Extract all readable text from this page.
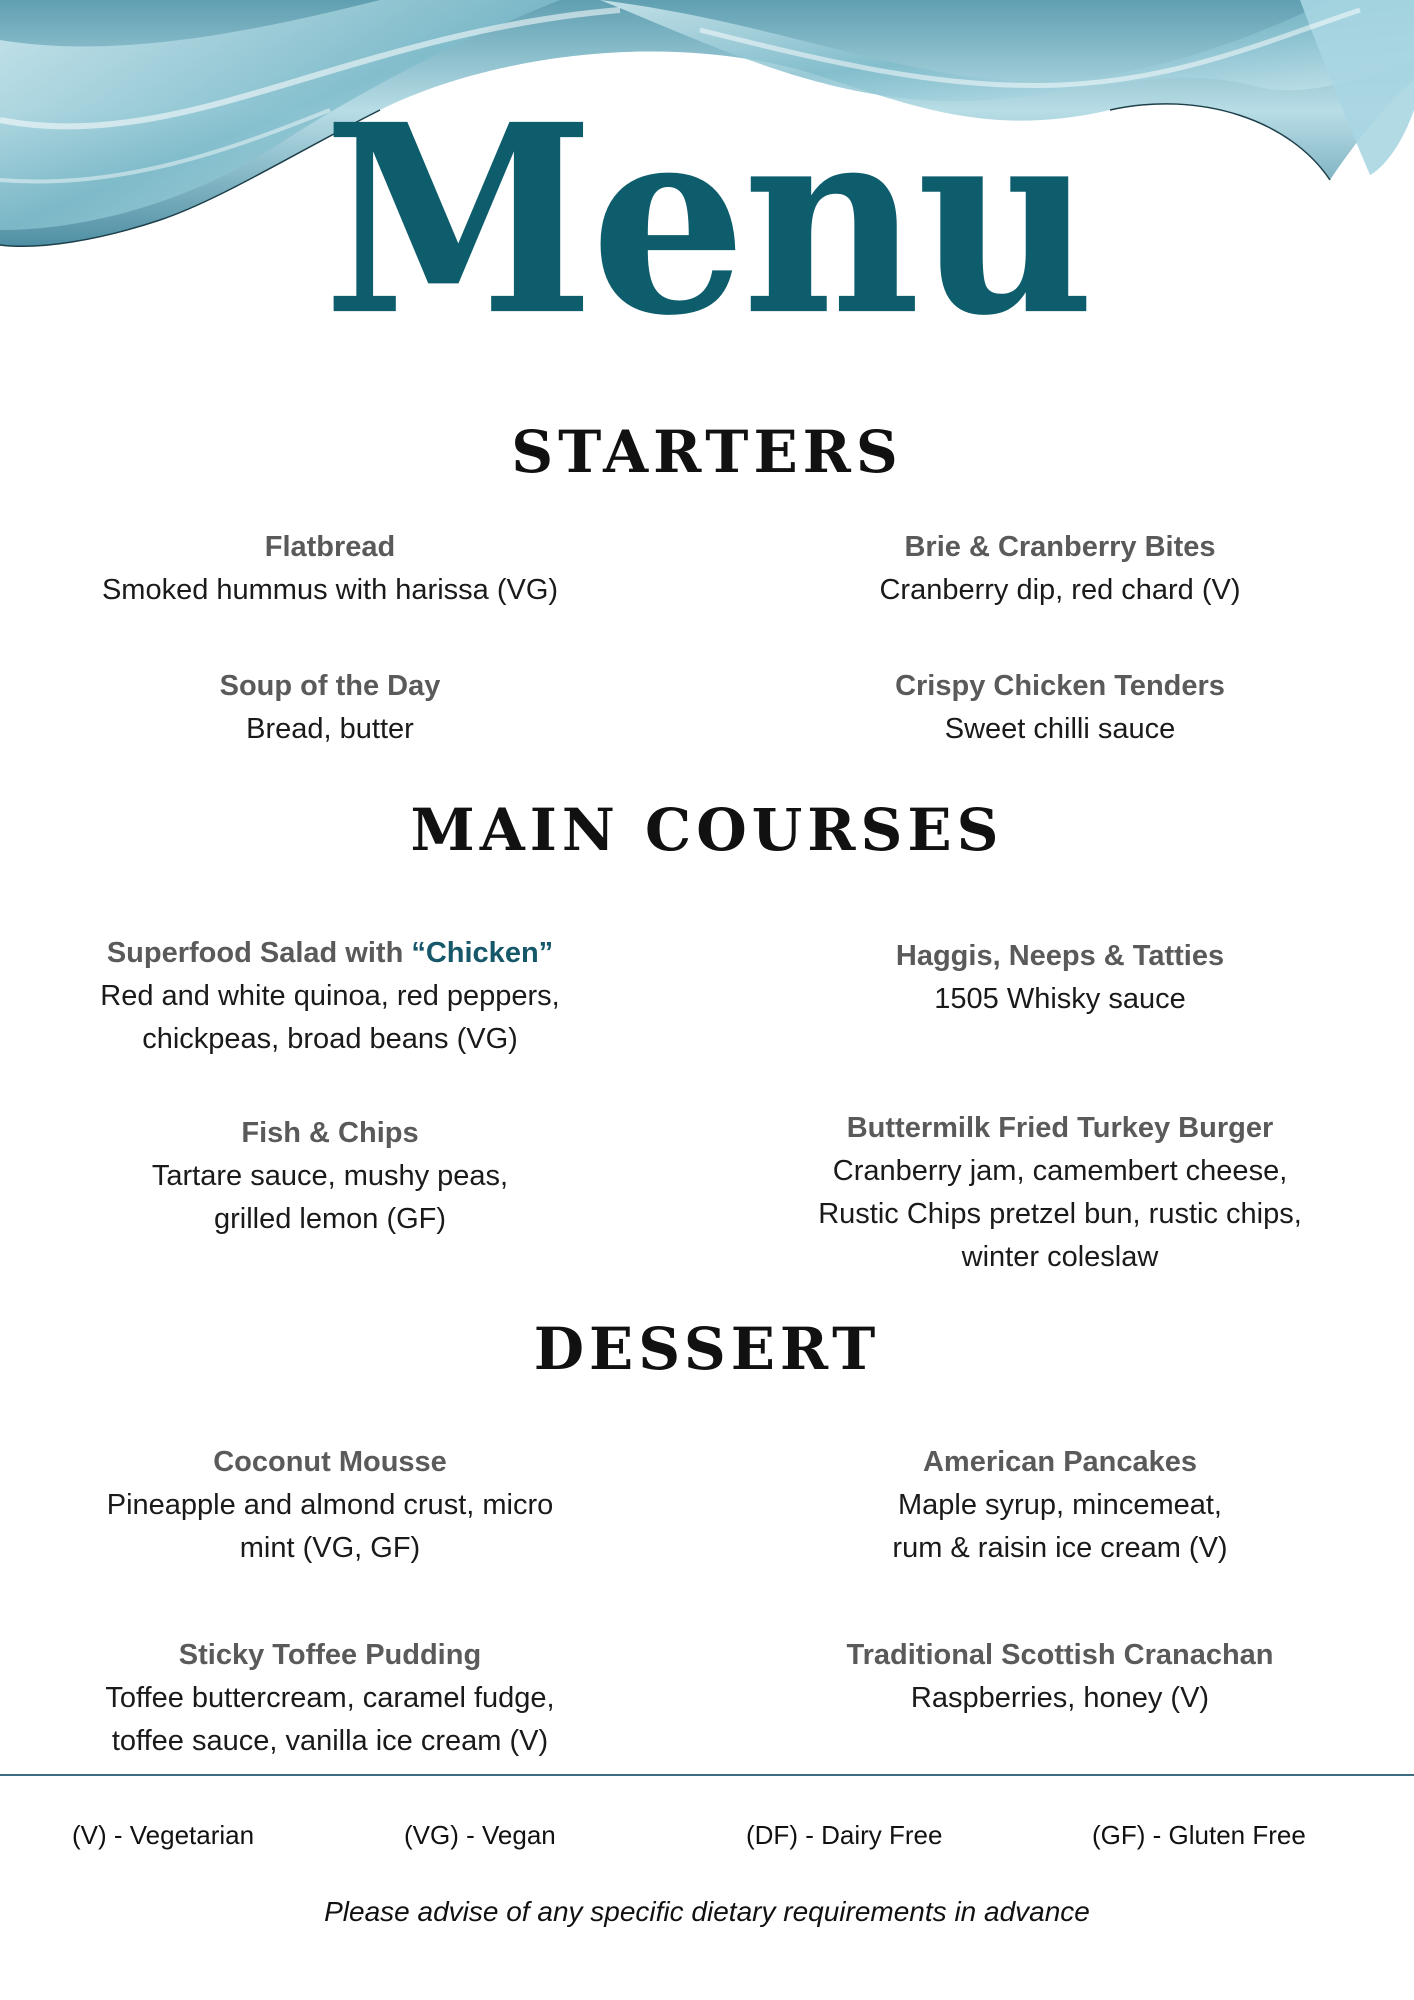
Menu
STARTERS
Flatbread
Smoked hummus with harissa (VG)
Brie & Cranberry Bites
Cranberry dip, red chard (V)
Soup of the Day
Bread, butter
Crispy Chicken Tenders
Sweet chilli sauce
MAIN COURSES
Superfood Salad with “Chicken”
Red and white quinoa, red peppers,
chickpeas, broad beans (VG)
Haggis, Neeps & Tatties
1505 Whisky sauce
Fish & Chips
Tartare sauce, mushy peas,
grilled lemon (GF)
Buttermilk Fried Turkey Burger
Cranberry jam, camembert cheese,
Rustic Chips pretzel bun, rustic chips,
winter coleslaw
DESSERT
Coconut Mousse
Pineapple and almond crust, micro
mint (VG, GF)
American Pancakes
Maple syrup, mincemeat,
rum & raisin ice cream (V)
Sticky Toffee Pudding
Toffee buttercream, caramel fudge,
toffee sauce, vanilla ice cream (V)
Traditional Scottish Cranachan
Raspberries, honey (V)

(V) - Vegetarian	(VG) - Vegan	(DF) - Dairy Free	(GF) - Gluten Free

Please advise of any specific dietary requirements in advance
